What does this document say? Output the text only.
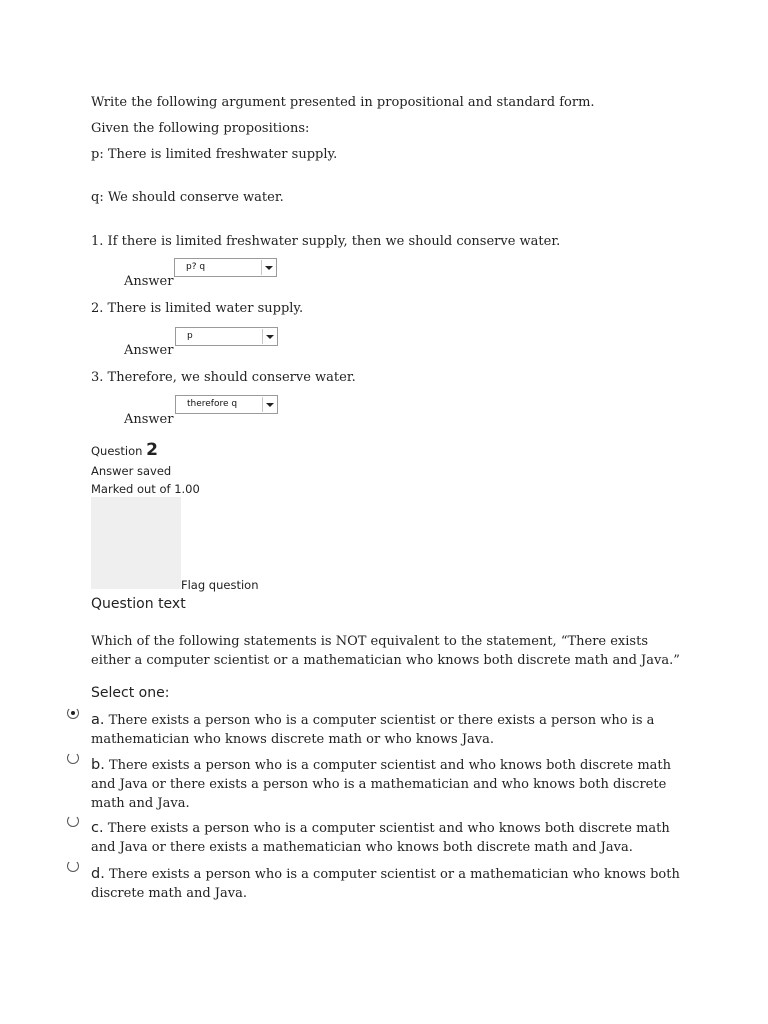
Write the following argument presented in propositional and standard form.
Given the following propositions:
p: There is limited freshwater supply.
q: We should conserve water.
1. If there is limited freshwater supply, then we should conserve water.
p? q
Answer
2. There is limited water supply.
p
Answer
3. Therefore, we should conserve water.
therefore q
Answer
Question 2
Answer saved
Marked out of 1.00
Flag question
Question text
Which of the following statements is NOT equivalent to the statement, “There exists either a computer scientist or a mathematician who knows both discrete math and Java.”
Select one:
a. There exists a person who is a computer scientist or there exists a person who is a mathematician who knows discrete math or who knows Java.
b. There exists a person who is a computer scientist and who knows both discrete math and Java or there exists a person who is a mathematician and who knows both discrete math and Java.
c. There exists a person who is a computer scientist and who knows both discrete math and Java or there exists a mathematician who knows both discrete math and Java.
d. There exists a person who is a computer scientist or a mathematician who knows both discrete math and Java.
